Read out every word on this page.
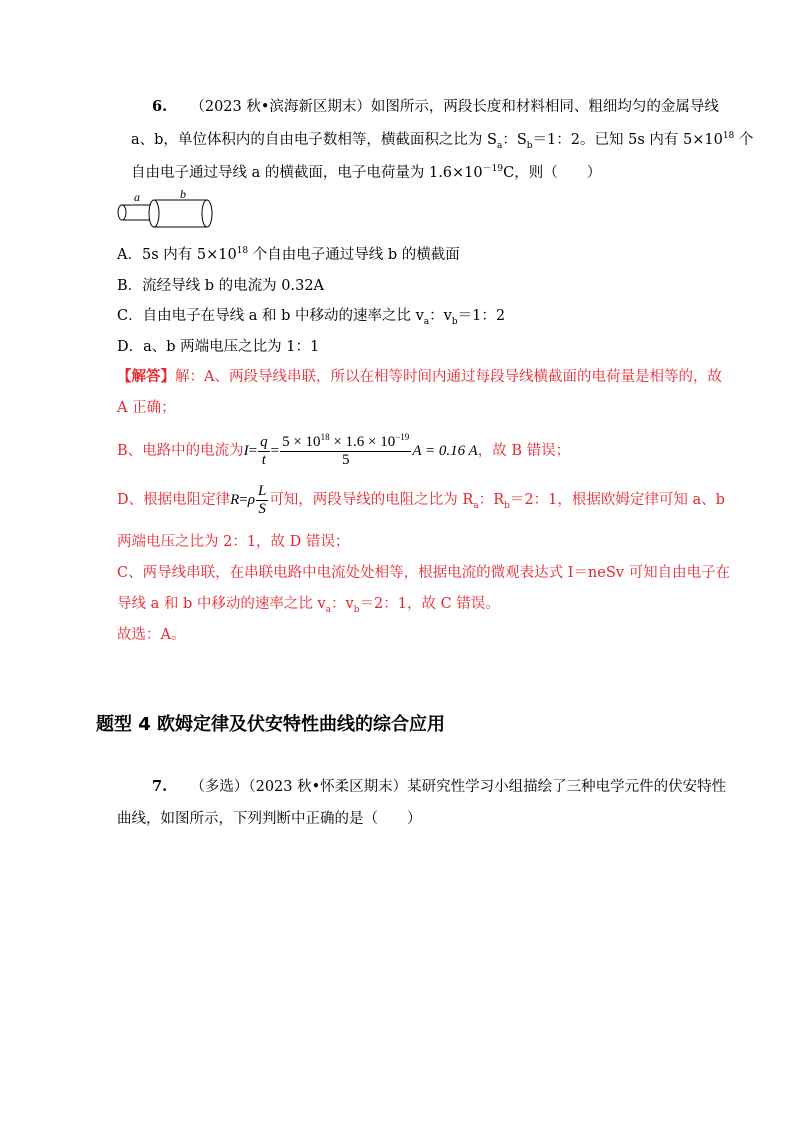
6. （2023 秋•滨海新区期末）如图所示，两段长度和材料相同、粗细均匀的金属导线
a、b，单位体积内的自由电子数相等，横截面积之比为 $S_a$：$S_b=1$：2。已知 5s 内有 $5\times 10^{18}$ 个
自由电子通过导线 a 的横截面，电子电荷量为 $1.6\times 10^{-19}C$，则（　　）
a	b
A．5s 内有 $5\times 10^{18}$ 个自由电子通过导线 b 的横截面
B．流经导线 b 的电流为 0.32A
C．自由电子在导线 a 和 b 中移动的速率之比 $v_a$：$v_b=1$：2
D．a、b 两端电压之比为 1：1
【解答】解：A、两段导线串联，所以在相等时间内通过每段导线横截面的电荷量是相等的，故
A 正确；
B、电路中的电流为$I= \frac{q}{t} = \frac{5 \times 10^{18} \times 1.6 \times 10^{-19}}{5}$ A = 0.16 A，故 B 错误；
D、根据电阻定律$R=\rho \frac{L}{S}$ 可知，两段导线的电阻之比为 $R_a$：$R_b=2$：1，根据欧姆定律可知 a、b
两端电压之比为 2：1，故 D 错误；
C、两导线串联，在串联电路中电流处处相等，根据电流的微观表达式 I＝neSv 可知自由电子在
导线 a 和 b 中移动的速率之比 $v_a$：$v_b=2$：1，故 C 错误。
故选：A。
题型 4 欧姆定律及伏安特性曲线的综合应用
7. （多选）（2023 秋•怀柔区期末）某研究性学习小组描绘了三种电学元件的伏安特性
曲线，如图所示，下列判断中正确的是（　　）
